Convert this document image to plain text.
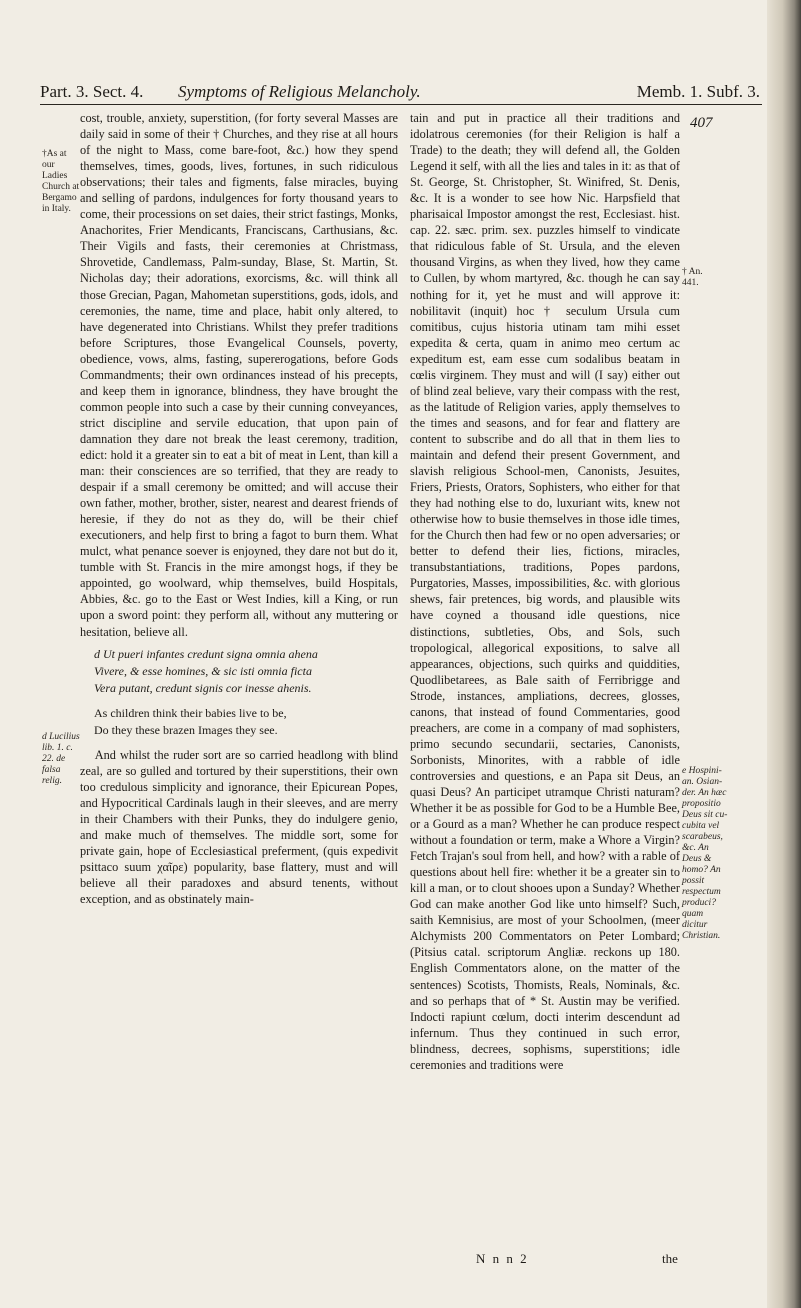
Part. 3. Sect. 4. Symptoms of Religious Melancholy.	Memb. 1. Subf. 3.
†As at our Ladies Church at Bergamo in Italy.
d Lucilius lib. 1. c. 22. de falsa relig.
† An. 441.
e Hospini-an. Osian-der. An hæc propositio Deus sit cu-cubita vel scarabeus, &c. An Deus & homo? An possit respectum produci? quam dicitur Christian.
407

cost, trouble, anxiety, superstition, (for forty several Masses are daily said in some of their † Churches, and they rise at all hours of the night to Mass, come bare-foot, &c.) how they spend themselves, times, goods, lives, fortunes, in such ridiculous observations; their tales and figments, false miracles, buying and selling of pardons, indulgences for forty thousand years to come, their processions on set daies, their strict fastings, Monks, Anachorites, Frier Mendicants, Franciscans, Carthusians, &c. Their Vigils and fasts, their ceremonies at Christmass, Shrovetide, Candlemass, Palm-sunday, Blase, St. Martin, St. Nicholas day; their adorations, exorcisms, &c. will think all those Grecian, Pagan, Mahometan superstitions, gods, idols, and ceremonies, the name, time and place, habit only altered, to have degenerated into Christians. Whilst they prefer traditions before Scriptures, those Evangelical Counsels, poverty, obedience, vows, alms, fasting, supererogations, before Gods Commandments; their own ordinances instead of his precepts, and keep them in ignorance, blindness, they have brought the common people into such a case by their cunning conveyances, strict discipline and servile education, that upon pain of damnation they dare not break the least ceremony, tradition, edict: hold it a greater sin to eat a bit of meat in Lent, than kill a man: their consciences are so terrified, that they are ready to despair if a small ceremony be omitted; and will accuse their own father, mother, brother, sister, nearest and dearest friends of heresie, if they do not as they do, will be their chief executioners, and help first to bring a fagot to burn them. What mulct, what penance soever is enjoyned, they dare not but do it, tumble with St. Francis in the mire amongst hogs, if they be appointed, go woolward, whip themselves, build Hospitals, Abbies, &c. go to the East or West Indies, kill a King, or run upon a sword point: they perform all, without any muttering or hesitation, believe all.

d Ut pueri infantes credunt signa omnia ahena
Vivere, & esse homines, & sic isti omnia ficta
Vera putant, credunt signis cor inesse ahenis.
As children think their babies live to be,
Do they these brazen Images they see.

And whilst the ruder sort are so carried headlong with blind zeal, are so gulled and tortured by their superstitions, their own too credulous simplicity and ignorance, their Epicurean Popes, and Hypocritical Cardinals laugh in their sleeves, and are merry in their Chambers with their Punks, they do indulgere genio, and make much of themselves. The middle sort, some for private gain, hope of Ecclesiastical preferment, (quis expedivit psittaco suum χαῖρε) popularity, base flattery, must and will believe all their paradoxes and absurd tenents, without exception, and as obstinately main-

tain and put in practice all their traditions and idolatrous ceremonies (for their Religion is half a Trade) to the death; they will defend all, the Golden Legend it self, with all the lies and tales in it: as that of St. George, St. Christopher, St. Winifred, St. Denis, &c. It is a wonder to see how Nic. Harpsfield that pharisaical Impostor amongst the rest, Ecclesiast. hist. cap. 22. sæc. prim. sex. puzzles himself to vindicate that ridiculous fable of St. Ursula, and the eleven thousand Virgins, as when they lived, how they came to Cullen, by whom martyred, &c. though he can say nothing for it, yet he must and will approve it: nobilitavit (inquit) hoc † seculum Ursula cum comitibus, cujus historia utinam tam mihi esset expedita & certa, quam in animo meo certum ac expeditum est, eam esse cum sodalibus beatam in cœlis virginem. They must and will (I say) either out of blind zeal believe, vary their compass with the rest, as the latitude of Religion varies, apply themselves to the times and seasons, and for fear and flattery are content to subscribe and do all that in them lies to maintain and defend their present Government, and slavish religious School-men, Canonists, Jesuites, Friers, Priests, Orators, Sophisters, who either for that they had nothing else to do, luxuriant wits, knew not otherwise how to busie themselves in those idle times, for the Church then had few or no open adversaries; or better to defend their lies, fictions, miracles, transubstantiations, traditions, Popes pardons, Purgatories, Masses, impossibilities, &c. with glorious shews, fair pretences, big words, and plausible wits have coyned a thousand idle questions, nice distinctions, subtleties, Obs, and Sols, such tropological, allegorical expositions, to salve all appearances, objections, such quirks and quiddities, Quodlibetarees, as Bale saith of Ferribrigge and Strode, instances, ampliations, decrees, glosses, canons, that instead of found Commentaries, good preachers, are come in a company of mad sophisters, primo secundo secundarii, sectaries, Canonists, Sorbonists, Minorites, with a rabble of idle controversies and questions, e an Papa sit Deus, an quasi Deus? An participet utramque Christi naturam? Whether it be as possible for God to be a Humble Bee, or a Gourd as a man? Whether he can produce respect without a foundation or term, make a Whore a Virgin? Fetch Trajan's soul from hell, and how? with a rable of questions about hell fire: whether it be a greater sin to kill a man, or to clout shooes upon a Sunday? Whether God can make another God like unto himself? Such, saith Kemnisius, are most of your Schoolmen, (meer Alchymists 200 Commentators on Peter Lombard; (Pitsius catal. scriptorum Angliæ. reckons up 180. English Commentators alone, on the matter of the sentences) Scotists, Thomists, Reals, Nominals, &c. and so perhaps that of * St. Austin may be verified. Indocti rapiunt cœlum, docti interim descendunt ad infernum. Thus they continued in such error, blindness, decrees, sophisms, superstitions; idle ceremonies and traditions were

N n n 2	the
